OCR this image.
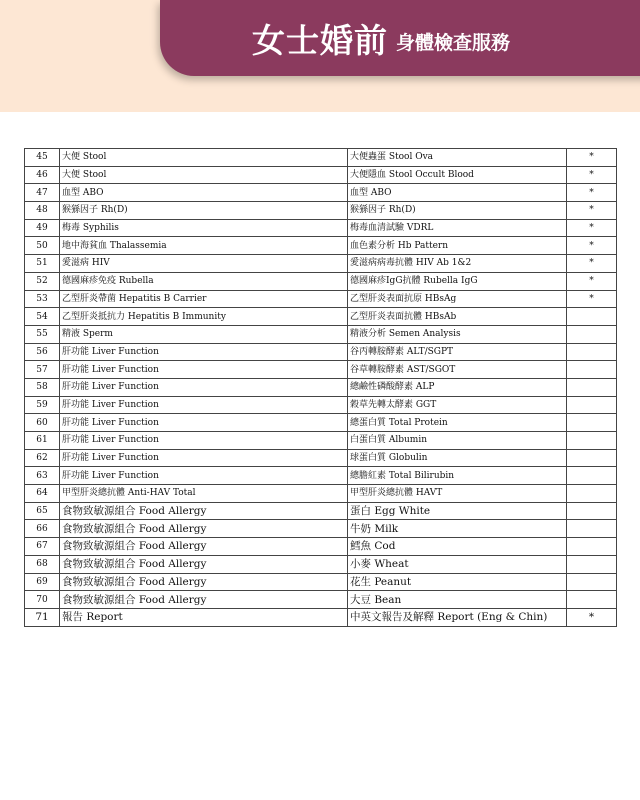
女士婚前 身體檢查服務
45	大便 Stool	大便蟲蛋 Stool Ova	*
46	大便 Stool	大便隱血 Stool Occult Blood	*
47	血型 ABO	血型 ABO	*
48	猴猻因子 Rh(D)	猴猻因子 Rh(D)	*
49	梅毒 Syphilis	梅毒血清試驗 VDRL	*
50	地中海貧血 Thalassemia	血色素分析 Hb Pattern	*
51	愛滋病 HIV	愛滋病病毒抗體 HIV Ab 1&2	*
52	德國麻疹免疫 Rubella	德國麻疹IgG抗體 Rubella IgG	*
53	乙型肝炎帶菌 Hepatitis B Carrier	乙型肝炎表面抗原 HBsAg	*
54	乙型肝炎抵抗力 Hepatitis B Immunity	乙型肝炎表面抗體 HBsAb	
55	精液 Sperm	精液分析 Semen Analysis	
56	肝功能 Liver Function	谷丙轉胺酵素 ALT/SGPT	
57	肝功能 Liver Function	谷草轉胺酵素 AST/SGOT	
58	肝功能 Liver Function	總鹼性磷酸酵素 ALP	
59	肝功能 Liver Function	穀草先轉太酵素 GGT	
60	肝功能 Liver Function	總蛋白質 Total Protein	
61	肝功能 Liver Function	白蛋白質 Albumin	
62	肝功能 Liver Function	球蛋白質 Globulin	
63	肝功能 Liver Function	總膽紅素 Total Bilirubin	
64	甲型肝炎總抗體 Anti-HAV Total	甲型肝炎總抗體 HAVT	
65	食物致敏源組合 Food Allergy	蛋白 Egg White	
66	食物致敏源組合 Food Allergy	牛奶 Milk	
67	食物致敏源組合 Food Allergy	鱈魚 Cod	
68	食物致敏源組合 Food Allergy	小麥 Wheat	
69	食物致敏源組合 Food Allergy	花生 Peanut	
70	食物致敏源組合 Food Allergy	大豆 Bean	
71	報告 Report	中英文報告及解釋 Report (Eng & Chin)	*
